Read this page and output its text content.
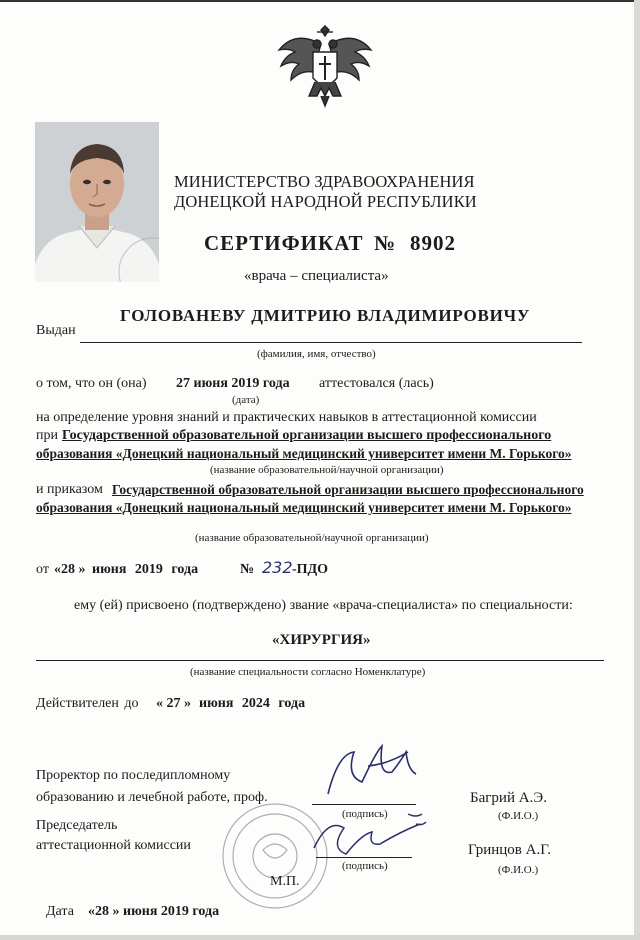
МИНИСТЕРСТВО ЗДРАВООХРАНЕНИЯ
ДОНЕЦКОЙ НАРОДНОЙ РЕСПУБЛИКИ
СЕРТИФИКАТ № 8902
«врача – специалиста»
Выдан
ГОЛОВАНЕВУ ДМИТРИЮ ВЛАДИМИРОВИЧУ
(фамилия, имя, отчество)
о том, что он (она) 27 июня 2019 года аттестовался (лась)
(дата)
на определение уровня знаний и практических навыков в аттестационной комиссии
при Государственной образовательной организации высшего профессионального
образования «Донецкий национальный медицинский университет имени М. Горького»
(название образовательной/научной организации)
и приказом Государственной образовательной организации высшего профессионального
образования «Донецкий национальный медицинский университет имени М. Горького»
(название образовательной/научной организации)
от «28 » июня 2019 года	№ 232 -ПДО
ему (ей) присвоено (подтверждено) звание «врача-специалиста» по специальности:
«ХИРУРГИЯ»
(название специальности согласно Номенклатуре)
Действителен до « 27 » июня 2024 года
Проректор по последипломному
образованию и лечебной работе, проф.
(подпись)
Багрий А.Э.
(Ф.И.О.)
Председатель
аттестационной комиссии
(подпись)
Гринцов А.Г.
(Ф.И.О.)
М.П.
Дата «28 » июня 2019 года
